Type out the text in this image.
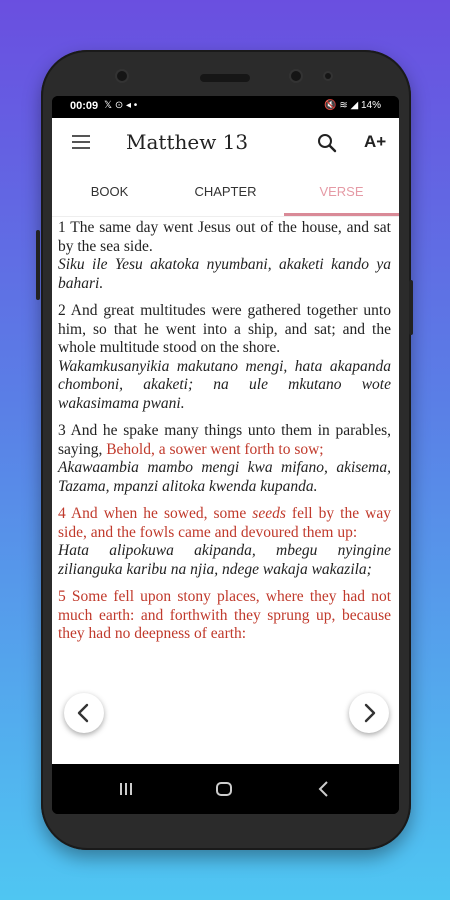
00:09 𝕏 ⊙ ◂ •	🔇 ≋ ◢ 14%
Matthew 13	A+
BOOK	CHAPTER	VERSE
1 The same day went Jesus out of the house, and sat by the sea side.
Siku ile Yesu akatoka nyumbani, akaketi kando ya bahari.
2 And great multitudes were gathered together unto him, so that he went into a ship, and sat; and the whole multitude stood on the shore.
Wakamkusanyikia makutano mengi, hata akapanda chomboni, akaketi; na ule mkutano wote wakasimama pwani.
3 And he spake many things unto them in parables, saying, Behold, a sower went forth to sow;
Akawaambia mambo mengi kwa mifano, akisema, Tazama, mpanzi alitoka kwenda kupanda.
4 And when he sowed, some seeds fell by the way side, and the fowls came and devoured them up:
Hata alipokuwa akipanda, mbegu nyingine zilianguka karibu na njia, ndege wakaja wakazila;
5 Some fell upon stony places, where they had not much earth: and forthwith they sprung up, because they had no deepness of earth:
